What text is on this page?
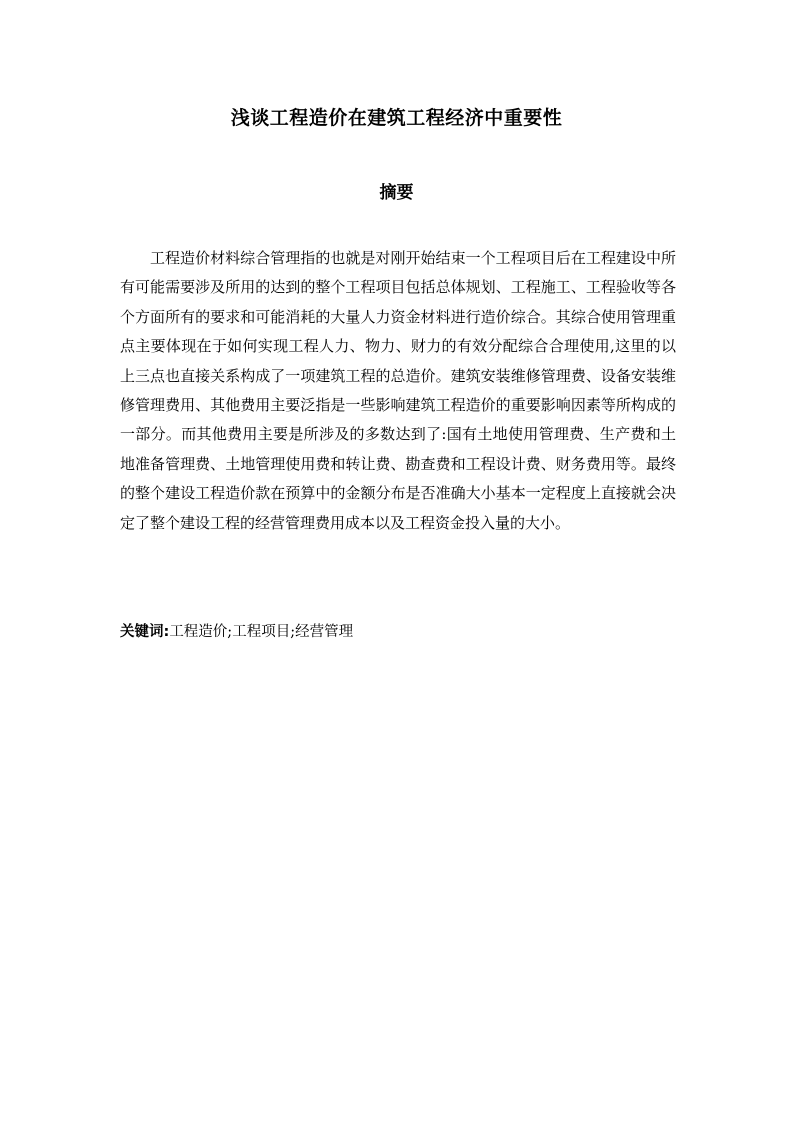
浅谈工程造价在建筑工程经济中重要性
摘要

工程造价材料综合管理指的也就是对刚开始结束一个工程项目后在工程建设中所有可能需要涉及所用的达到的整个工程项目包括总体规划、工程施工、工程验收等各个方面所有的要求和可能消耗的大量人力资金材料进行造价综合。其综合使用管理重点主要体现在于如何实现工程人力、物力、财力的有效分配综合合理使用,这里的以上三点也直接关系构成了一项建筑工程的总造价。建筑安装维修管理费、设备安装维修管理费用、其他费用主要泛指是一些影响建筑工程造价的重要影响因素等所构成的一部分。而其他费用主要是所涉及的多数达到了:国有土地使用管理费、生产费和土地准备管理费、土地管理使用费和转让费、勘查费和工程设计费、财务费用等。最终的整个建设工程造价款在预算中的金额分布是否准确大小基本一定程度上直接就会决定了整个建设工程的经营管理费用成本以及工程资金投入量的大小。

关键词:工程造价;工程项目;经营管理
